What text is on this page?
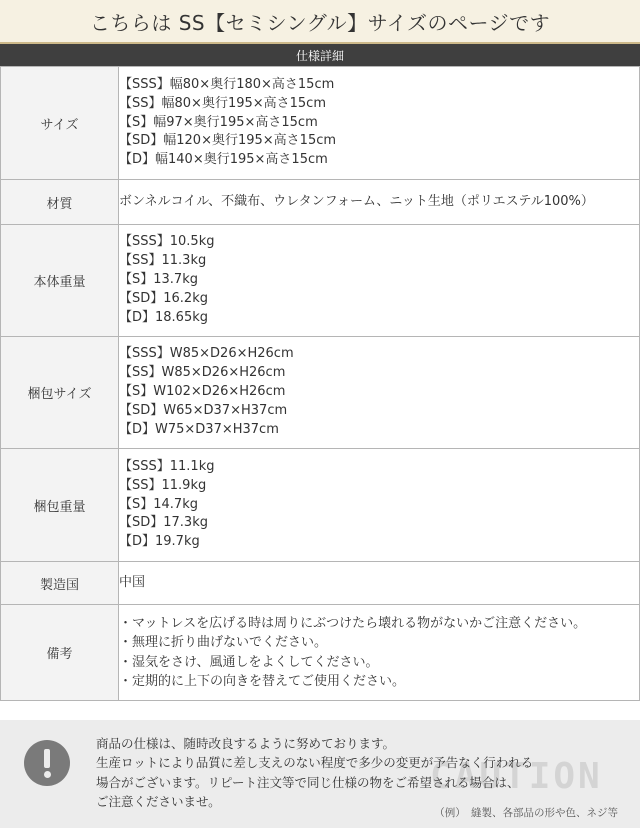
こちらは SS【セミシングル】サイズのページです
仕様詳細
サイズ	【SSS】幅80×奥行180×高さ15cm
【SS】幅80×奥行195×高さ15cm
【S】幅97×奥行195×高さ15cm
【SD】幅120×奥行195×高さ15cm
【D】幅140×奥行195×高さ15cm

材質	ボンネルコイル、不織布、ウレタンフォーム、ニット生地（ポリエステル100%）

本体重量	【SSS】10.5kg
【SS】11.3kg
【S】13.7kg
【SD】16.2kg
【D】18.65kg

梱包サイズ	【SSS】W85×D26×H26cm
【SS】W85×D26×H26cm
【S】W102×D26×H26cm
【SD】W65×D37×H37cm
【D】W75×D37×H37cm

梱包重量	【SSS】11.1kg
【SS】11.9kg
【S】14.7kg
【SD】17.3kg
【D】19.7kg

製造国	中国

備考	・マットレスを広げる時は周りにぶつけたら壊れる物がないかご注意ください。
・無理に折り曲げないでください。
・湿気をさけ、風通しをよくしてください。
・定期的に上下の向きを替えてご使用ください。
CAUTION
商品の仕様は、随時改良するように努めております。
生産ロットにより品質に差し支えのない程度で多少の変更が予告なく行われる
場合がございます。リピート注文等で同じ仕様の物をご希望される場合は、
ご注意くださいませ。
（例）　縫製、各部品の形や色、ネジ等
